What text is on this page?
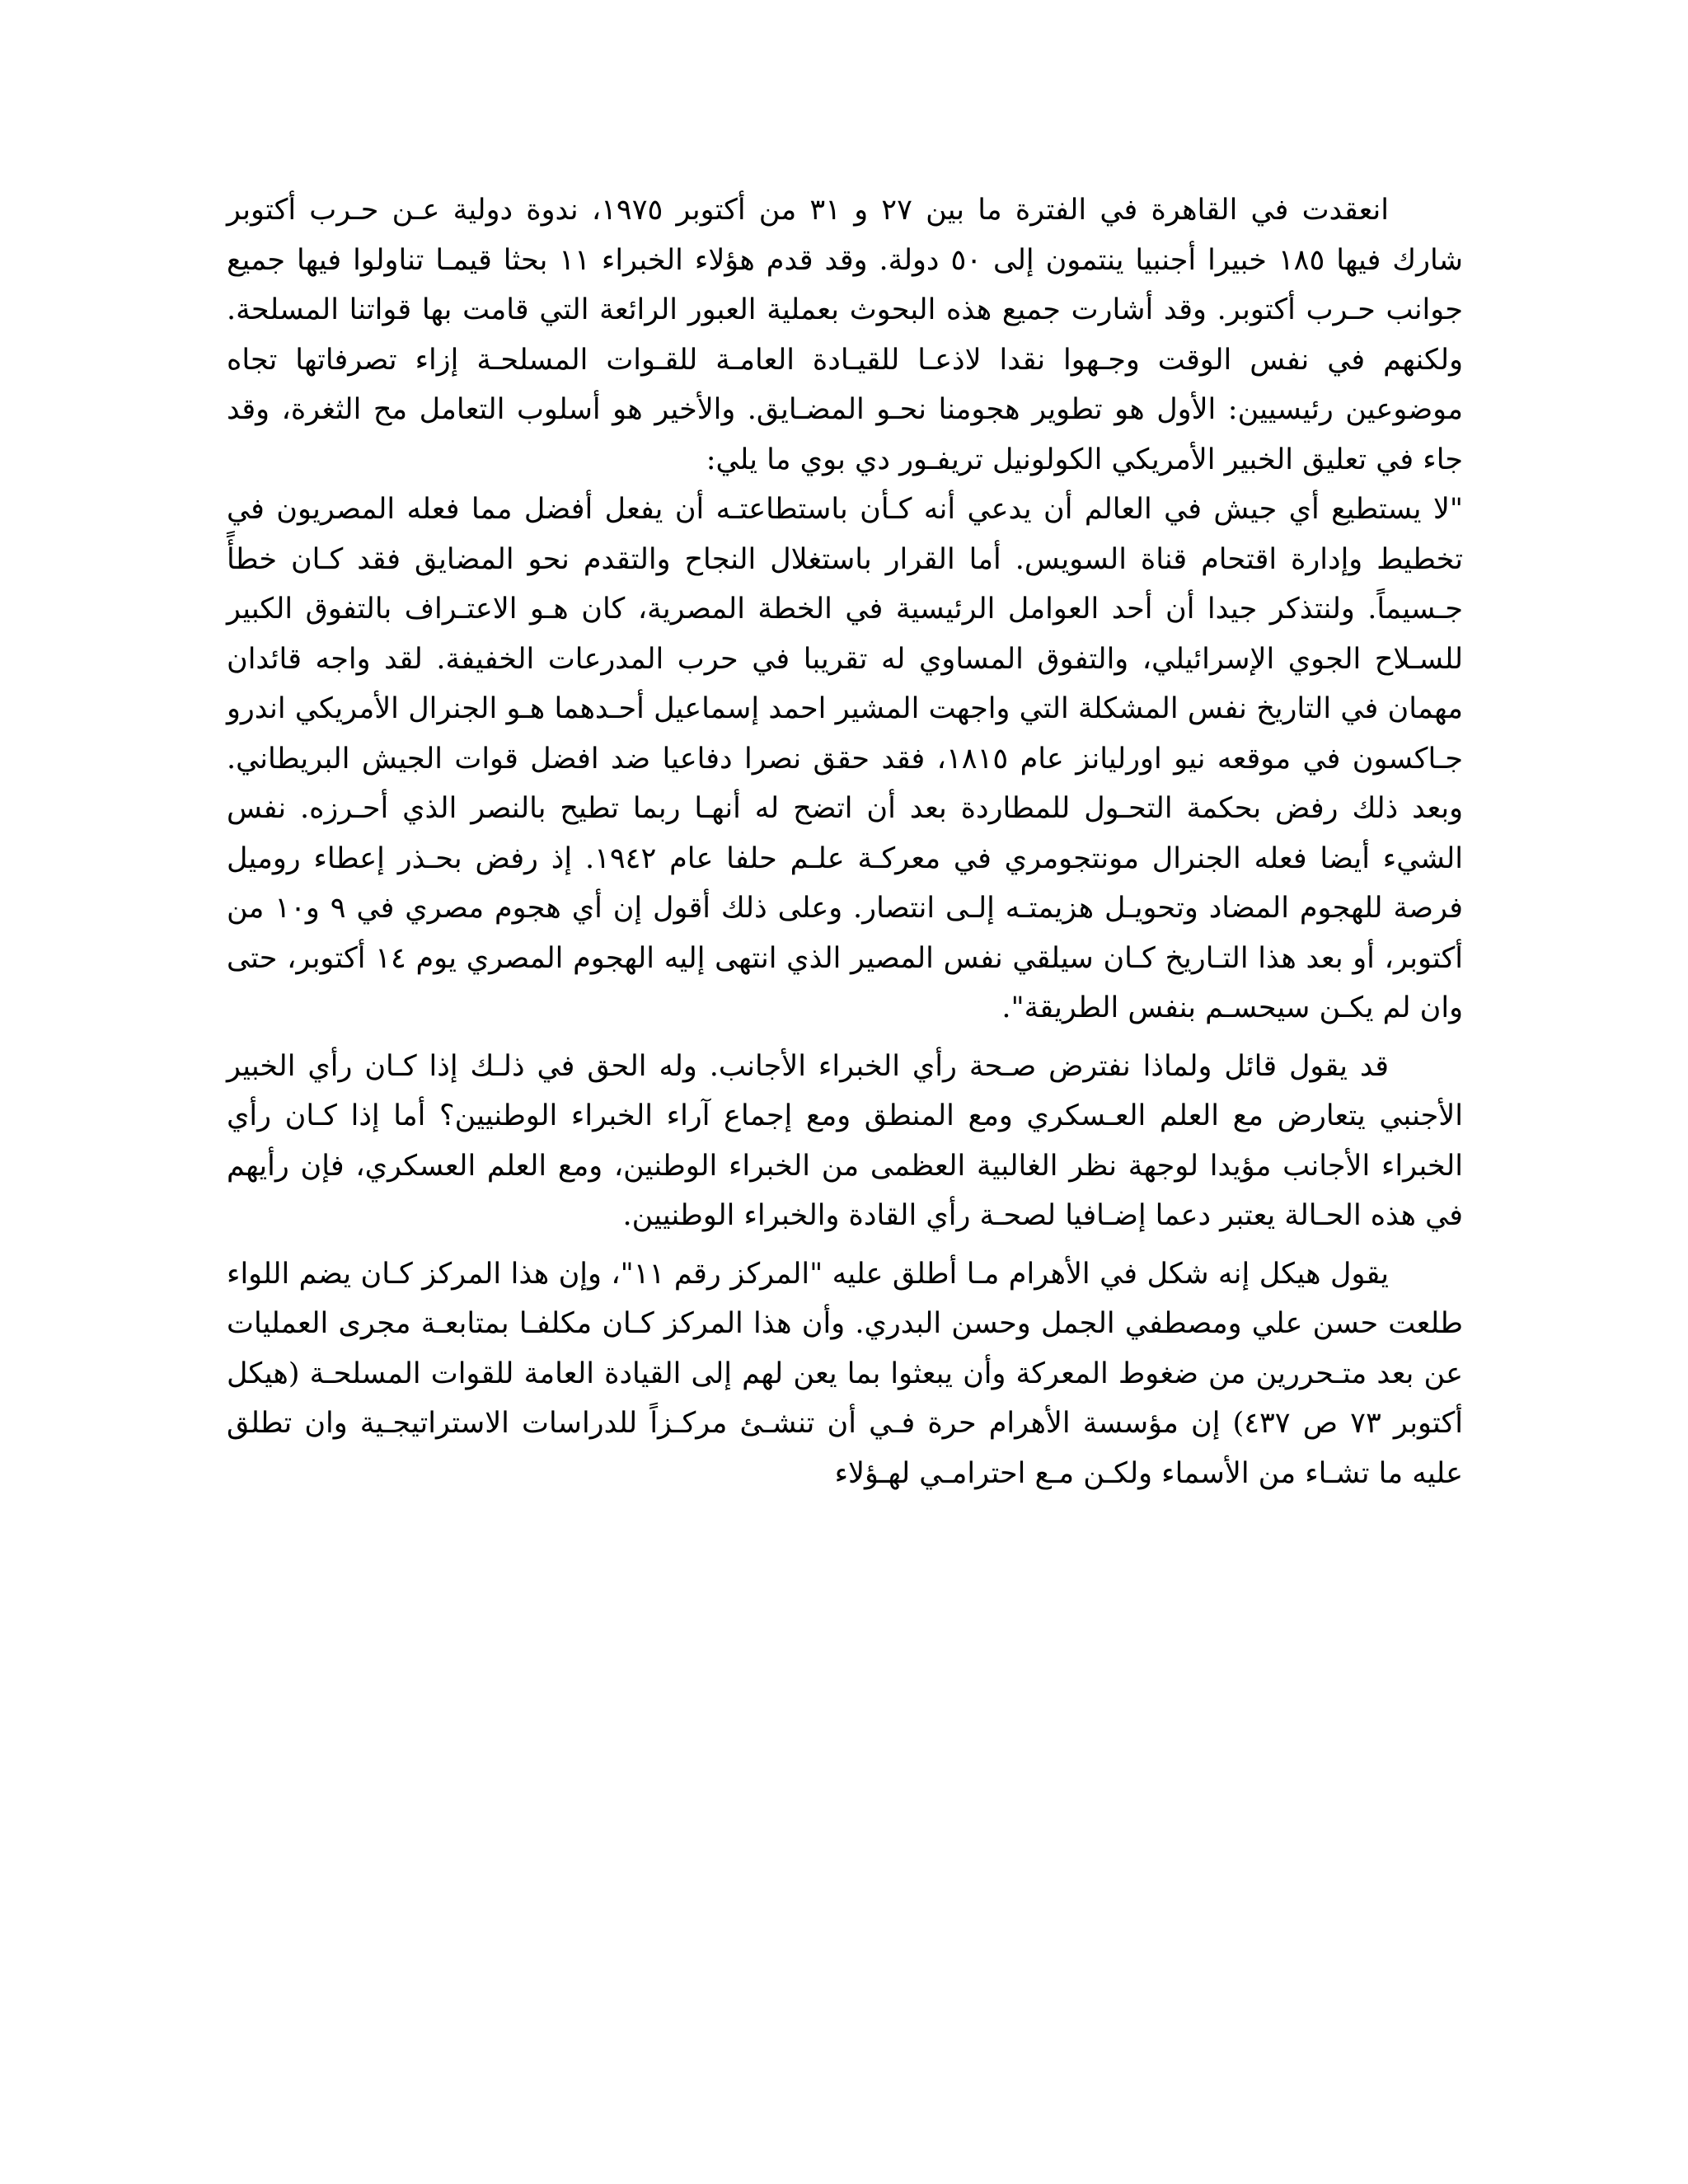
انعقدت في القاهرة في الفترة ما بين ٢٧ و ٣١ من أكتوبر ١٩٧٥، ندوة دولية عـن حـرب أكتوبر شارك فيها ١٨٥ خبيرا أجنبيا ينتمون إلى ٥٠ دولة. وقد قدم هؤلاء الخبراء ١١ بحثا قيمـا تناولوا فيها جميع جوانب حـرب أكتوبر. وقد أشارت جميع هذه البحوث بعملية العبور الرائعة التي قامت بها قواتنا المسلحة. ولكنهم في نفس الوقت وجـهوا نقدا لاذعـا للقيـادة العامـة للقـوات المسلحـة إزاء تصرفاتها تجاه موضوعين رئيسيين: الأول هو تطوير هجومنا نحـو المضـايق. والأخير هو أسلوب التعامل مح الثغرة، وقد جاء في تعليق الخبير الأمريكي الكولونيل تريفـور دي بوي ما يلي:

"لا يستطيع أي جيش في العالم أن يدعي أنه كـأن باستطاعتـه أن يفعل أفضل مما فعله المصريون في تخطيط وإدارة اقتحام قناة السويس. أما القرار باستغلال النجاح والتقدم نحو المضايق فقد كـان خطأً جـسيماً. ولنتذكر جيدا أن أحد العوامل الرئيسية في الخطة المصرية، كان هـو الاعتـراف بالتفوق الكبير للسـلاح الجوي الإسرائيلي، والتفوق المساوي له تقريبا في حرب المدرعات الخفيفة. لقد واجه قائدان مهمان في التاريخ نفس المشكلة التي واجهت المشير احمد إسماعيل أحـدهما هـو الجنرال الأمريكي اندرو جـاكسون في موقعه نيو اورليانز عام ١٨١٥، فقد حقق نصرا دفاعيا ضد افضل قوات الجيش البريطاني. وبعد ذلك رفض بحكمة التحـول للمطاردة بعد أن اتضح له أنهـا ربما تطيح بالنصر الذي أحـرزه. نفس الشيء أيضا فعله الجنرال مونتجومري في معركـة علـم حلفا عام ١٩٤٢. إذ رفض بحـذر إعطاء روميل فرصة للهجوم المضاد وتحويـل هزيمتـه إلـى انتصار. وعلى ذلك أقول إن أي هجوم مصري في ٩ و١٠ من أكتوبر، أو بعد هذا التـاريخ كـان سيلقي نفس المصير الذي انتهى إليه الهجوم المصري يوم ١٤ أكتوبر، حتى وان لم يكـن سيحسـم بنفس الطريقة".

قد يقول قائل ولماذا نفترض صـحة رأي الخبراء الأجانب. وله الحق في ذلـك إذا كـان رأي الخبير الأجنبي يتعارض مع العلم العـسكري ومع المنطق ومع إجماع آراء الخبراء الوطنيين؟ أما إذا كـان رأي الخبراء الأجانب مؤيدا لوجهة نظر الغالبية العظمى من الخبراء الوطنين، ومع العلم العسكري، فإن رأيهم في هذه الحـالة يعتبر دعما إضـافيا لصحـة رأي القادة والخبراء الوطنيين.

يقول هيكل إنه شكل في الأهرام مـا أطلق عليه "المركز رقم ١١"، وإن هذا المركز كـان يضم اللواء طلعت حسن علي ومصطفي الجمل وحسن البدري. وأن هذا المركز كـان مكلفـا بمتابعـة مجرى العمليات عن بعد متـحررين من ضغوط المعركة وأن يبعثوا بما يعن لهم إلى القيادة العامة للقوات المسلحـة (هيكل أكتوبر ٧٣ ص ٤٣٧) إن مؤسسة الأهرام حرة فـي أن تنشـئ مركـزاً للدراسات الاستراتيجـية وان تطلق عليه ما تشـاء من الأسماء ولكـن مـع احترامـي لهـؤلاء
